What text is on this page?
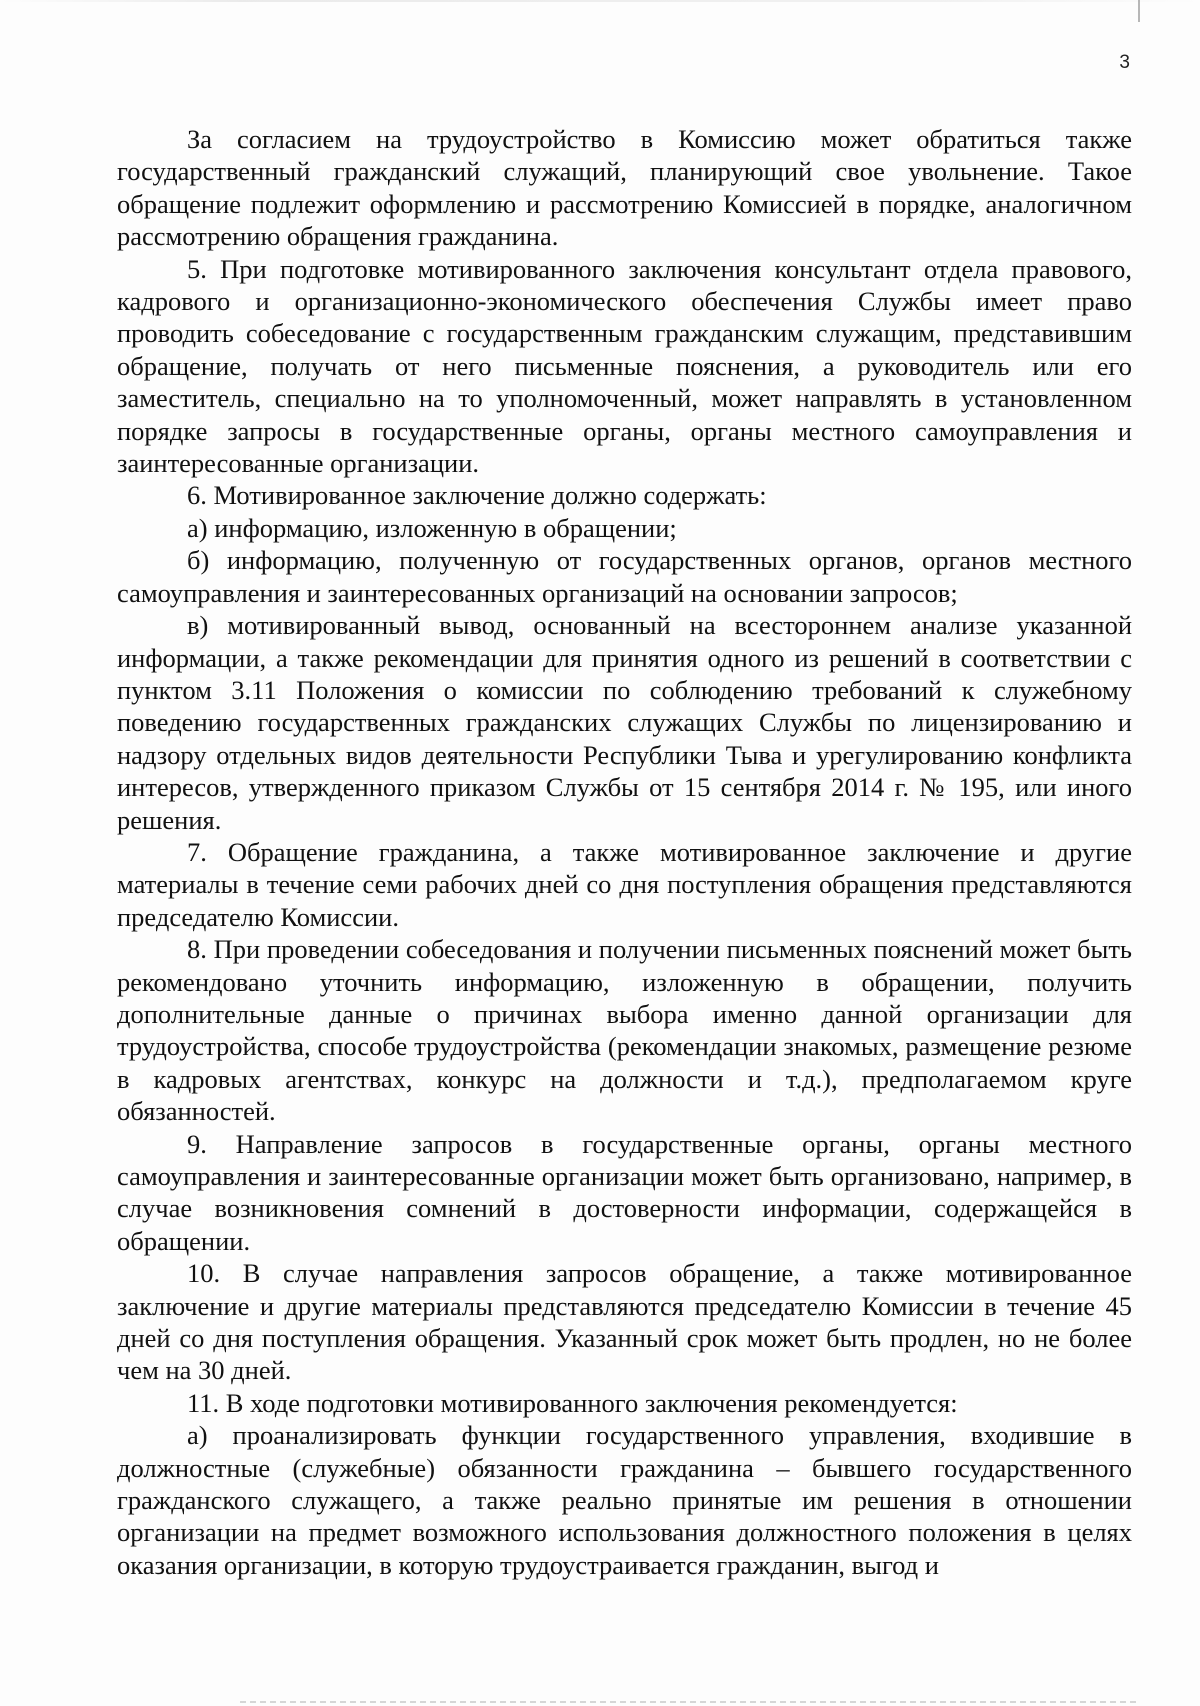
3

За согласием на трудоустройство в Комиссию может обратиться также государственный гражданский служащий, планирующий свое увольнение. Такое обращение подлежит оформлению и рассмотрению Комиссией в порядке, аналогичном рассмотрению обращения гражданина.

5. При подготовке мотивированного заключения консультант отдела правового, кадрового и организационно-экономического обеспечения Службы имеет право проводить собеседование с государственным гражданским служащим, представившим обращение, получать от него письменные пояснения, а руководитель или его заместитель, специально на то уполномоченный, может направлять в установленном порядке запросы в государственные органы, органы местного самоуправления и заинтересованные организации.

6. Мотивированное заключение должно содержать:

а) информацию, изложенную в обращении;

б) информацию, полученную от государственных органов, органов местного самоуправления и заинтересованных организаций на основании запросов;

в) мотивированный вывод, основанный на всестороннем анализе указанной информации, а также рекомендации для принятия одного из решений в соответствии с пунктом 3.11 Положения о комиссии по соблюдению требований к служебному поведению государственных гражданских служащих Службы по лицензированию и надзору отдельных видов деятельности Республики Тыва и урегулированию конфликта интересов, утвержденного приказом Службы от 15 сентября 2014 г. № 195, или иного решения.

7. Обращение гражданина, а также мотивированное заключение и другие материалы в течение семи рабочих дней со дня поступления обращения представляются председателю Комиссии.

8. При проведении собеседования и получении письменных пояснений может быть рекомендовано уточнить информацию, изложенную в обращении, получить дополнительные данные о причинах выбора именно данной организации для трудоустройства, способе трудоустройства (рекомендации знакомых, размещение резюме в кадровых агентствах, конкурс на должности и т.д.), предполагаемом круге обязанностей.

9. Направление запросов в государственные органы, органы местного самоуправления и заинтересованные организации может быть организовано, например, в случае возникновения сомнений в достоверности информации, содержащейся в обращении.

10. В случае направления запросов обращение, а также мотивированное заключение и другие материалы представляются председателю Комиссии в течение 45 дней со дня поступления обращения. Указанный срок может быть продлен, но не более чем на 30 дней.

11. В ходе подготовки мотивированного заключения рекомендуется:

а) проанализировать функции государственного управления, входившие в должностные (служебные) обязанности гражданина – бывшего государственного гражданского служащего, а также реально принятые им решения в отношении организации на предмет возможного использования должностного положения в целях оказания организации, в которую трудоустраивается гражданин, выгод и
